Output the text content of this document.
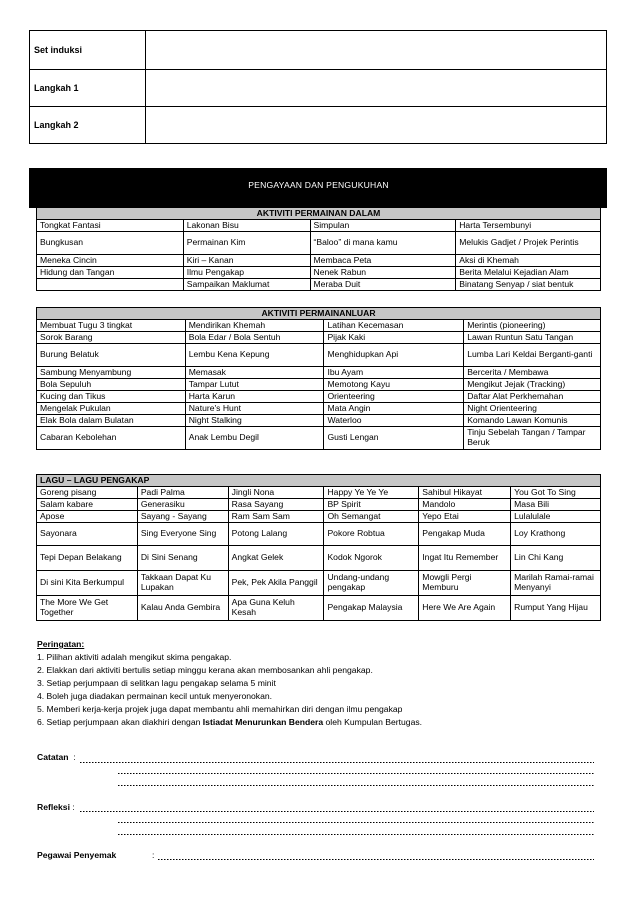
Set induksi	
Langkah 1	
Langkah 2	
PENGAYAAN DAN PENGUKUHAN
AKTIVITI PERMAINAN DALAM			
Tongkat Fantasi	Lakonan Bisu	Simpulan	Harta Tersembunyi
Bungkusan	Permainan Kim	“Baloo” di mana kamu	Melukis Gadjet / Projek Perintis
Meneka Cincin	Kiri – Kanan	Membaca Peta	Aksi di Khemah
Hidung dan Tangan	Ilmu Pengakap	Nenek Rabun	Berita Melalui Kejadian Alam
	Sampaikan Maklumat	Meraba Duit	Binatang Senyap / siat bentuk
AKTIVITI PERMAINANLUAR			
Membuat Tugu 3 tingkat	Mendirikan Khemah	Latihan Kecemasan	Merintis (pioneering)
Sorok Barang	Bola Edar / Bola Sentuh	Pijak Kaki	Lawan Runtun Satu Tangan
Burung Belatuk	Lembu Kena Kepung	Menghidupkan Api	Lumba Lari Keldai Berganti-ganti
Sambung Menyambung	Memasak	Ibu Ayam	Bercerita / Membawa
Bola Sepuluh	Tampar Lutut	Memotong Kayu	Mengikut Jejak (Tracking)
Kucing dan Tikus	Harta Karun	Orienteering	Daftar Alat Perkhemahan
Mengelak Pukulan	Nature's Hunt	Mata Angin	Night Orienteering
Elak Bola dalam Bulatan	Night Stalking	Waterloo	Komando Lawan Komunis
Cabaran Kebolehan	Anak Lembu Degil	Gusti Lengan	Tinju Sebelah Tangan / Tampar Beruk
LAGU – LAGU PENGAKAP					
Goreng pisang	Padi Palma	Jingli Nona	Happy Ye Ye Ye	Sahibul Hikayat	You Got To Sing
Salam kabare	Generasiku	Rasa Sayang	BP Spirit	Mandolo	Masa Bili
Apose	Sayang - Sayang	Ram Sam Sam	Oh Semangat	Yepo Etai	Lulalulale
Sayonara	Sing Everyone Sing	Potong Lalang	Pokore Robtua	Pengakap Muda	Loy Krathong
Tepi Depan Belakang	Di Sini Senang	Angkat Gelek	Kodok Ngorok	Ingat Itu Remember	Lin Chi Kang
Di sini Kita Berkumpul	Takkaan Dapat Ku Lupakan	Pek, Pek Akila Panggil	Undang-undang pengakap	Mowgli Pergi Memburu	Marilah Ramai-ramai Menyanyi
The More We Get Together	Kalau Anda Gembira	Apa Guna Keluh Kesah	Pengakap Malaysia	Here We Are Again	Rumput Yang Hijau
Peringatan:
1. Pilihan aktiviti adalah mengikut skima pengakap.
2. Elakkan dari aktiviti bertulis setiap minggu kerana akan membosankan ahli pengakap.
3. Setiap perjumpaan di selitkan lagu pengakap selama 5 minit
4. Boleh juga diadakan permainan kecil untuk menyeronokan.
5. Memberi kerja-kerja projek juga dapat membantu ahli memahirkan diri dengan ilmu pengakap
6. Setiap perjumpaan akan diakhiri dengan Istiadat Menurunkan Bendera oleh Kumpulan Bertugas.
Catatan :
Refleksi :
Pegawai Penyemak	:
